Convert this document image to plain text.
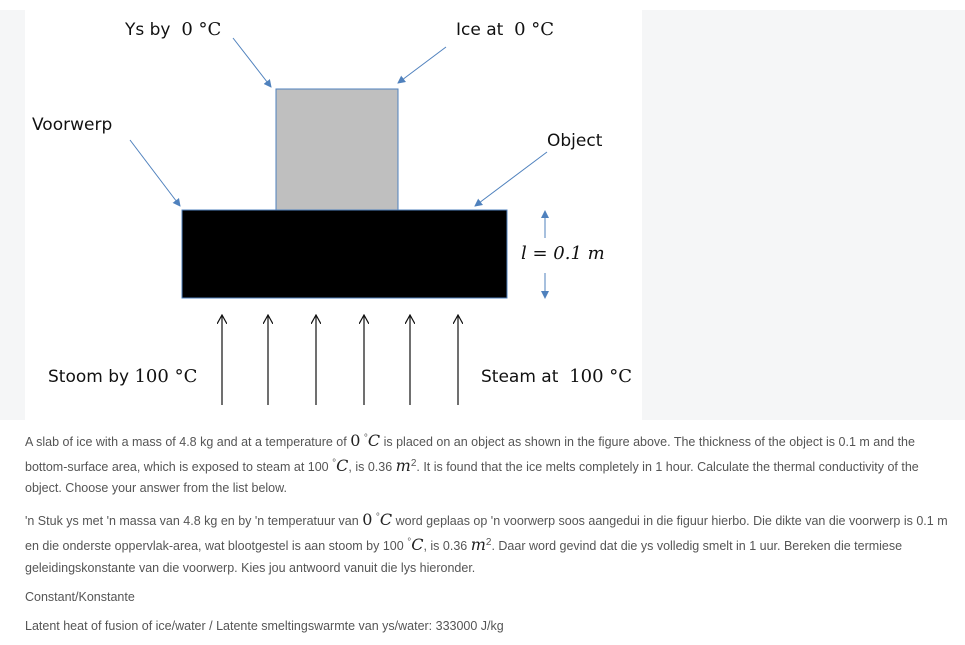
Ys by 0 °C	Ice at 0 °C
Voorwerp
Object
l = 0.1 m
Stoom by 100 °C	Steam at 100 °C

A slab of ice with a mass of 4.8 kg and at a temperature of 0 °C is placed on an object as shown in the figure above. The thickness of the object is 0.1 m and the bottom-surface area, which is exposed to steam at 100 °C, is 0.36 $m^2$. It is found that the ice melts completely in 1 hour. Calculate the thermal conductivity of the object. Choose your answer from the list below.

'n Stuk ys met 'n massa van 4.8 kg en by 'n temperatuur van 0 °C word geplaas op 'n voorwerp soos aangedui in die figuur hierbo. Die dikte van die voorwerp is 0.1 m en die onderste oppervlak-area, wat blootgestel is aan stoom by 100 °C, is 0.36 $m^2$. Daar word gevind dat die ys volledig smelt in 1 uur. Bereken die termiese geleidingskonstante van die voorwerp. Kies jou antwoord vanuit die lys hieronder.

Constant/Konstante

Latent heat of fusion of ice/water / Latente smeltingswarmte van ys/water: 333000 J/kg
